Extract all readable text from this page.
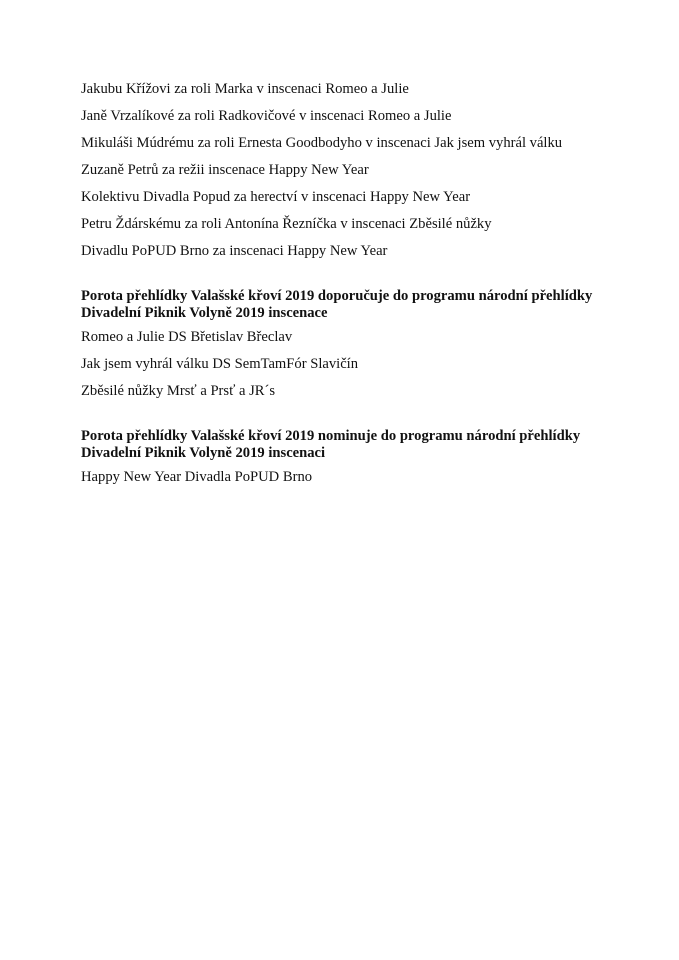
Jakubu Křížovi za roli Marka v inscenaci Romeo a Julie
Janě Vrzalíkové za roli Radkovičové v inscenaci Romeo a Julie
Mikuláši Múdrému za roli Ernesta Goodbodyho v inscenaci Jak jsem vyhrál válku
Zuzaně Petrů za režii inscenace Happy New Year
Kolektivu Divadla Popud za herectví v inscenaci Happy New Year
Petru Ždárskému za roli Antonína Řezníčka v inscenaci Zběsilé nůžky
Divadlu PoPUD Brno za inscenaci Happy New Year
Porota přehlídky Valašské křoví 2019 doporučuje do programu národní přehlídky
Divadelní Piknik Volyně 2019 inscenace
Romeo a Julie DS Břetislav Břeclav
Jak jsem vyhrál válku DS SemTamFór Slavičín
Zběsilé nůžky Mrsť a Prsť a JR´s
Porota přehlídky Valašské křoví 2019 nominuje do programu národní přehlídky
Divadelní Piknik Volyně 2019 inscenaci
Happy New Year Divadla PoPUD Brno
